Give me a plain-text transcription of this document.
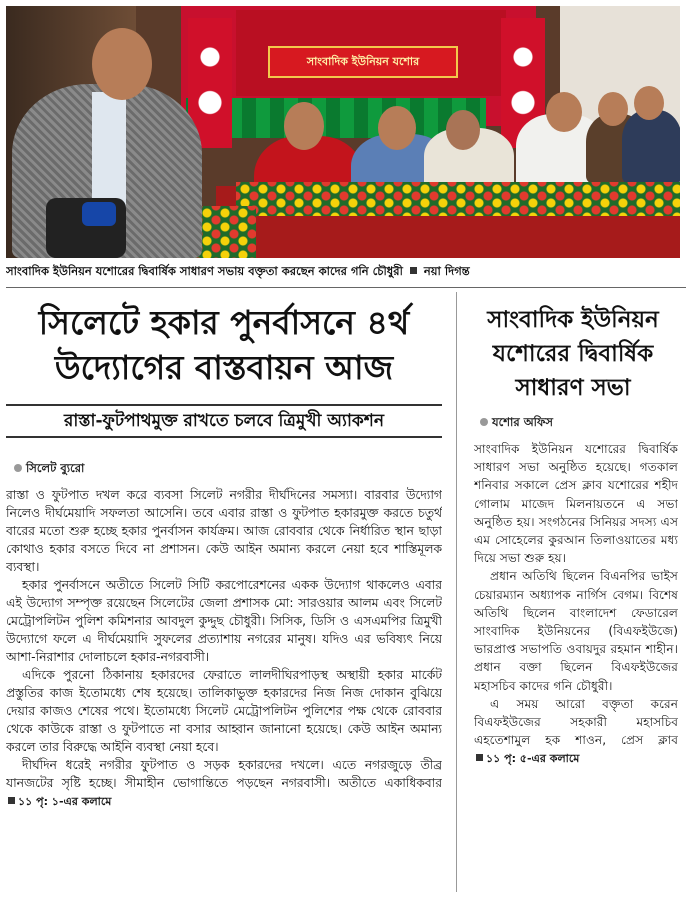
সাংবাদিক ইউনিয়ন যশোর
সাংবাদিক ইউনিয়ন যশোরের দ্বিবার্ষিক সাধারণ সভায় বক্তৃতা করছেন কাদের গনি চৌধুরী নয়া দিগন্ত
সিলেটে হকার পুনর্বাসনে ৪র্থ উদ্যোগের বাস্তবায়ন আজ
রাস্তা-ফুটপাথমুক্ত রাখতে চলবে ত্রিমুখী অ্যাকশন
সিলেট ব্যুরো

রাস্তা ও ফুটপাত দখল করে ব্যবসা সিলেট নগরীর দীর্ঘদিনের সমস্যা। বারবার উদ্যোগ নিলেও দীর্ঘমেয়াদি সফলতা আসেনি। তবে এবার রাস্তা ও ফুটপাত হকারমুক্ত করতে চতুর্থ বারের মতো শুরু হচ্ছে হকার পুনর্বাসন কার্যক্রম। আজ রোববার থেকে নির্ধারিত স্থান ছাড়া কোথাও হকার বসতে দিবে না প্রশাসন। কেউ আইন অমান্য করলে নেয়া হবে শাস্তিমূলক ব্যবস্থা।

হকার পুনর্বাসনে অতীতে সিলেট সিটি করপোরেশনের একক উদ্যোগ থাকলেও এবার এই উদ্যোগ সম্পৃক্ত রয়েছেন সিলেটের জেলা প্রশাসক মো: সারওয়ার আলম এবং সিলেট মেট্রোপলিটন পুলিশ কমিশনার আবদুল কুদ্দুছ চৌধুরী। সিসিক, ডিসি ও এসএমপির ত্রিমুখী উদ্যোগে ফলে এ দীর্ঘমেয়াদি সুফলের প্রত্যাশায় নগরের মানুষ। যদিও এর ভবিষ্যৎ নিয়ে আশা-নিরাশার দোলাচলে হকার-নগরবাসী।

এদিকে পুরনো ঠিকানায় হকারদের ফেরাতে লালদীঘিরপাড়স্থ অস্থায়ী হকার মার্কেট প্রস্তুতির কাজ ইতোমধ্যে শেষ হয়েছে। তালিকাভুক্ত হকারদের নিজ নিজ দোকান বুঝিয়ে দেয়ার কাজও শেষের পথে। ইতোমধ্যে সিলেট মেট্রোপলিটন পুলিশের পক্ষ থেকে রোববার থেকে কাউকে রাস্তা ও ফুটপাতে না বসার আহ্বান জানানো হয়েছে। কেউ আইন অমান্য করলে তার বিরুদ্ধে আইনি ব্যবস্থা নেয়া হবে।

দীর্ঘদিন ধরেই নগরীর ফুটপাত ও সড়ক হকারদের দখলে। এতে নগরজুড়ে তীব্র যানজটের সৃষ্টি হচ্ছে। সীমাহীন ভোগান্তিতে পড়ছেন নগরবাসী। অতীতে একাধিকবার ১১ পৃ: ১-এর কলামে

সাংবাদিক ইউনিয়ন যশোরের দ্বিবার্ষিক সাধারণ সভা
যশোর অফিস

সাংবাদিক ইউনিয়ন যশোরের দ্বিবার্ষিক সাধারণ সভা অনুষ্ঠিত হয়েছে। গতকাল শনিবার সকালে প্রেস ক্লাব যশোরের শহীদ গোলাম মাজেদ মিলনায়তনে এ সভা অনুষ্ঠিত হয়। সংগঠনের সিনিয়র সদস্য এস এম সোহেলের কুরআন তিলাওয়াতের মধ্য দিয়ে সভা শুরু হয়।

প্রধান অতিথি ছিলেন বিএনপির ভাইস চেয়ারম্যান অধ্যাপক নার্গিস বেগম। বিশেষ অতিথি ছিলেন বাংলাদেশ ফেডারেল সাংবাদিক ইউনিয়নের (বিএফইউজে) ভারপ্রাপ্ত সভাপতি ওবায়দুর রহমান শাহীন। প্রধান বক্তা ছিলেন বিএফইউজের মহাসচিব কাদের গনি চৌধুরী।

এ সময় আরো বক্তৃতা করেন বিএফইউজের সহকারী মহাসচিব এহতেশামুল হক শাওন, প্রেস ক্লাব ১১ পৃ: ৫-এর কলামে
